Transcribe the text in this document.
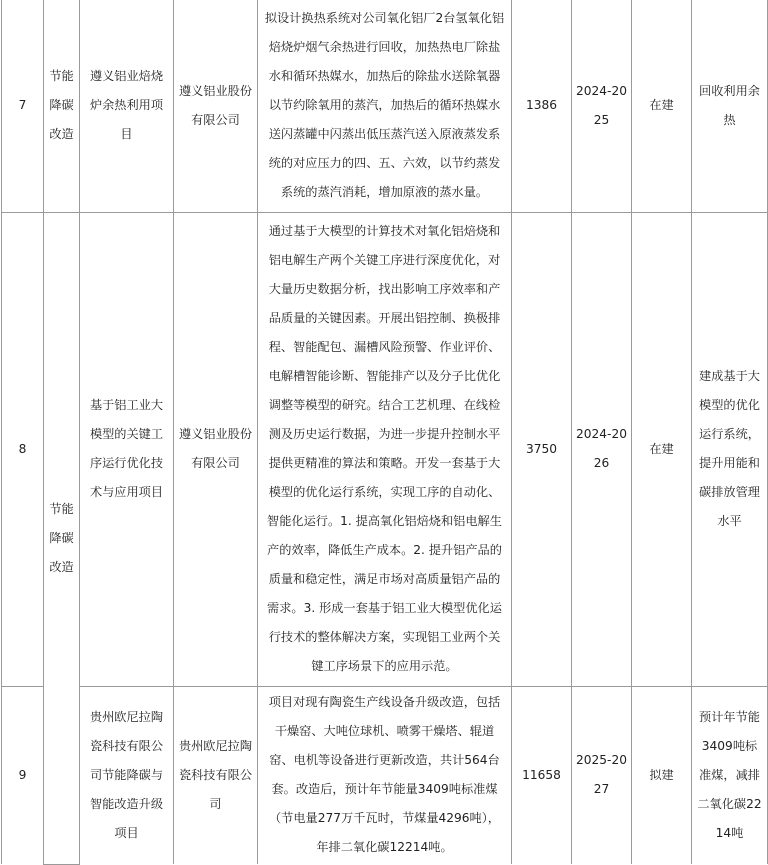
7	节能降碳改造	遵义铝业焙烧炉余热利用项目	遵义铝业股份有限公司	拟设计换热系统对公司氧化铝厂2台氢氧化铝焙烧炉烟气余热进行回收，加热热电厂除盐水和循环热媒水，加热后的除盐水送除氧器以节约除氧用的蒸汽，加热后的循环热媒水送闪蒸罐中闪蒸出低压蒸汽送入原液蒸发系统的对应压力的四、五、六效，以节约蒸发系统的蒸汽消耗，增加原液的蒸水量。	1386	2024-2025	在建	回收利用余热
8	节能降碳改造	基于铝工业大模型的关键工序运行优化技术与应用项目	遵义铝业股份有限公司	通过基于大模型的计算技术对氧化铝焙烧和铝电解生产两个关键工序进行深度优化，对大量历史数据分析，找出影响工序效率和产品质量的关键因素。开展出铝控制、换极排程、智能配包、漏槽风险预警、作业评价、电解槽智能诊断、智能排产以及分子比优化调整等模型的研究。结合工艺机理、在线检测及历史运行数据，为进一步提升控制水平提供更精准的算法和策略。开发一套基于大模型的优化运行系统，实现工序的自动化、智能化运行。1. 提高氧化铝焙烧和铝电解生产的效率，降低生产成本。2. 提升铝产品的质量和稳定性，满足市场对高质量铝产品的需求。3. 形成一套基于铝工业大模型优化运行技术的整体解决方案，实现铝工业两个关键工序场景下的应用示范。	3750	2024-2026	在建	建成基于大模型的优化运行系统，提升用能和碳排放管理水平
9		贵州欧尼拉陶瓷科技有限公司节能降碳与智能改造升级项目	贵州欧尼拉陶瓷科技有限公司	项目对现有陶瓷生产线设备升级改造，包括干燥窑、大吨位球机、喷雾干燥塔、辊道窑、电机等设备进行更新改造，共计564台套。改造后，预计年节能量3409吨标准煤（节电量277万千瓦时，节煤量4296吨），年排二氧化碳12214吨。	11658	2025-2027	拟建	预计年节能3409吨标准煤，减排二氧化碳2214吨
